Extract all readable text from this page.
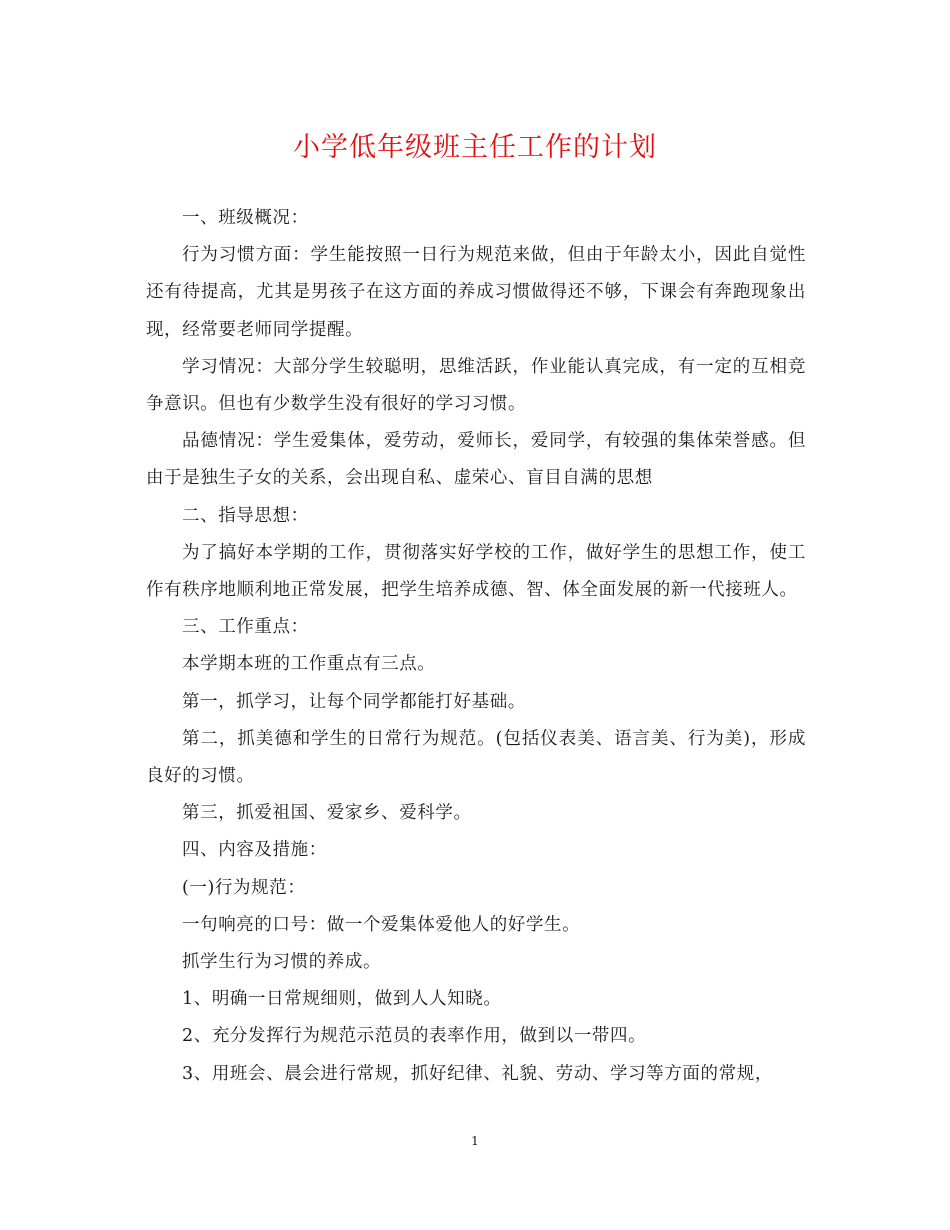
小学低年级班主任工作的计划

一、班级概况：

行为习惯方面：学生能按照一日行为规范来做，但由于年龄太小，因此自觉性还有待提高，尤其是男孩子在这方面的养成习惯做得还不够，下课会有奔跑现象出现，经常要老师同学提醒。

学习情况：大部分学生较聪明，思维活跃，作业能认真完成，有一定的互相竞争意识。但也有少数学生没有很好的学习习惯。

品德情况：学生爱集体，爱劳动，爱师长，爱同学，有较强的集体荣誉感。但由于是独生子女的关系，会出现自私、虚荣心、盲目自满的思想

二、指导思想：

为了搞好本学期的工作，贯彻落实好学校的工作，做好学生的思想工作，使工作有秩序地顺利地正常发展，把学生培养成德、智、体全面发展的新一代接班人。

三、工作重点：

本学期本班的工作重点有三点。

第一，抓学习，让每个同学都能打好基础。

第二，抓美德和学生的日常行为规范。(包括仪表美、语言美、行为美)，形成良好的习惯。

第三，抓爱祖国、爱家乡、爱科学。

四、内容及措施：

(一)行为规范：

一句响亮的口号：做一个爱集体爱他人的好学生。

抓学生行为习惯的养成。

1、明确一日常规细则，做到人人知晓。

2、充分发挥行为规范示范员的表率作用，做到以一带四。

3、用班会、晨会进行常规，抓好纪律、礼貌、劳动、学习等方面的常规，

1
